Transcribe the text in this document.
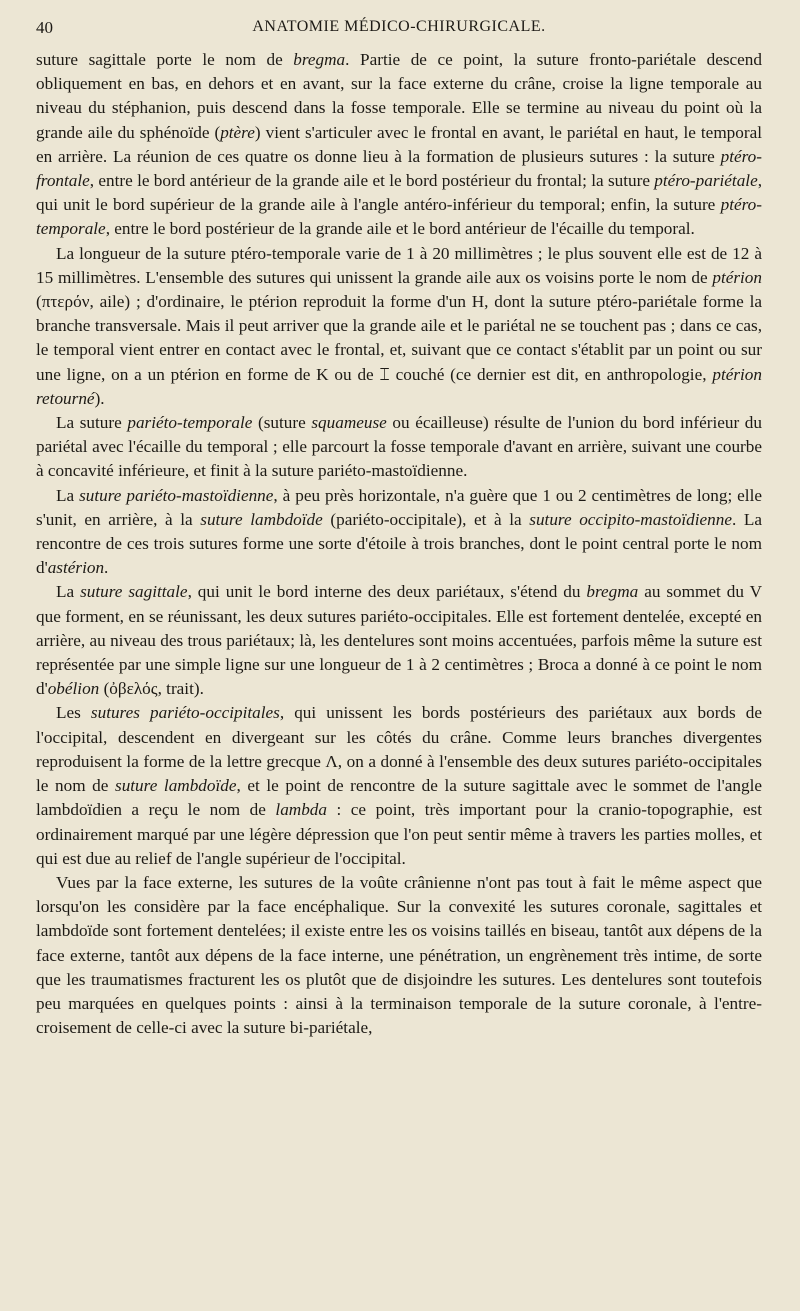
40	ANATOMIE MÉDICO-CHIRURGICALE.

suture sagittale porte le nom de bregma. Partie de ce point, la suture fronto-pariétale descend obliquement en bas, en dehors et en avant, sur la face externe du crâne, croise la ligne temporale au niveau du stéphanion, puis descend dans la fosse temporale. Elle se termine au niveau du point où la grande aile du sphénoïde (ptère) vient s'articuler avec le frontal en avant, le pariétal en haut, le temporal en arrière. La réunion de ces quatre os donne lieu à la formation de plusieurs sutures : la suture ptéro-frontale, entre le bord antérieur de la grande aile et le bord postérieur du frontal; la suture ptéro-pariétale, qui unit le bord supérieur de la grande aile à l'angle antéro-inférieur du temporal; enfin, la suture ptéro-temporale, entre le bord postérieur de la grande aile et le bord antérieur de l'écaille du temporal.

La longueur de la suture ptéro-temporale varie de 1 à 20 millimètres ; le plus souvent elle est de 12 à 15 millimètres. L'ensemble des sutures qui unissent la grande aile aux os voisins porte le nom de ptérion (πτερόν, aile) ; d'ordinaire, le ptérion reproduit la forme d'un H, dont la suture ptéro-pariétale forme la branche transversale. Mais il peut arriver que la grande aile et le pariétal ne se touchent pas ; dans ce cas, le temporal vient entrer en contact avec le frontal, et, suivant que ce contact s'établit par un point ou sur une ligne, on a un ptérion en forme de K ou de ⌶ couché (ce dernier est dit, en anthropologie, ptérion retourné).

La suture pariéto-temporale (suture squameuse ou écailleuse) résulte de l'union du bord inférieur du pariétal avec l'écaille du temporal ; elle parcourt la fosse temporale d'avant en arrière, suivant une courbe à concavité inférieure, et finit à la suture pariéto-mastoïdienne.

La suture pariéto-mastoïdienne, à peu près horizontale, n'a guère que 1 ou 2 centimètres de long; elle s'unit, en arrière, à la suture lambdoïde (pariéto-occipitale), et à la suture occipito-mastoïdienne. La rencontre de ces trois sutures forme une sorte d'étoile à trois branches, dont le point central porte le nom d'astérion.

La suture sagittale, qui unit le bord interne des deux pariétaux, s'étend du bregma au sommet du V que forment, en se réunissant, les deux sutures pariéto-occipitales. Elle est fortement dentelée, excepté en arrière, au niveau des trous pariétaux; là, les dentelures sont moins accentuées, parfois même la suture est représentée par une simple ligne sur une longueur de 1 à 2 centimètres ; Broca a donné à ce point le nom d'obélion (ὀβελός, trait).

Les sutures pariéto-occipitales, qui unissent les bords postérieurs des pariétaux aux bords de l'occipital, descendent en divergeant sur les côtés du crâne. Comme leurs branches divergentes reproduisent la forme de la lettre grecque Λ, on a donné à l'ensemble des deux sutures pariéto-occipitales le nom de suture lambdoïde, et le point de rencontre de la suture sagittale avec le sommet de l'angle lambdoïdien a reçu le nom de lambda : ce point, très important pour la cranio-topographie, est ordinairement marqué par une légère dépression que l'on peut sentir même à travers les parties molles, et qui est due au relief de l'angle supérieur de l'occipital.

Vues par la face externe, les sutures de la voûte crânienne n'ont pas tout à fait le même aspect que lorsqu'on les considère par la face encéphalique. Sur la convexité les sutures coronale, sagittales et lambdoïde sont fortement dentelées; il existe entre les os voisins taillés en biseau, tantôt aux dépens de la face externe, tantôt aux dépens de la face interne, une pénétration, un engrènement très intime, de sorte que les traumatismes fracturent les os plutôt que de disjoindre les sutures. Les dentelures sont toutefois peu marquées en quelques points : ainsi à la terminaison temporale de la suture coronale, à l'entre-croisement de celle-ci avec la suture bi-pariétale,
